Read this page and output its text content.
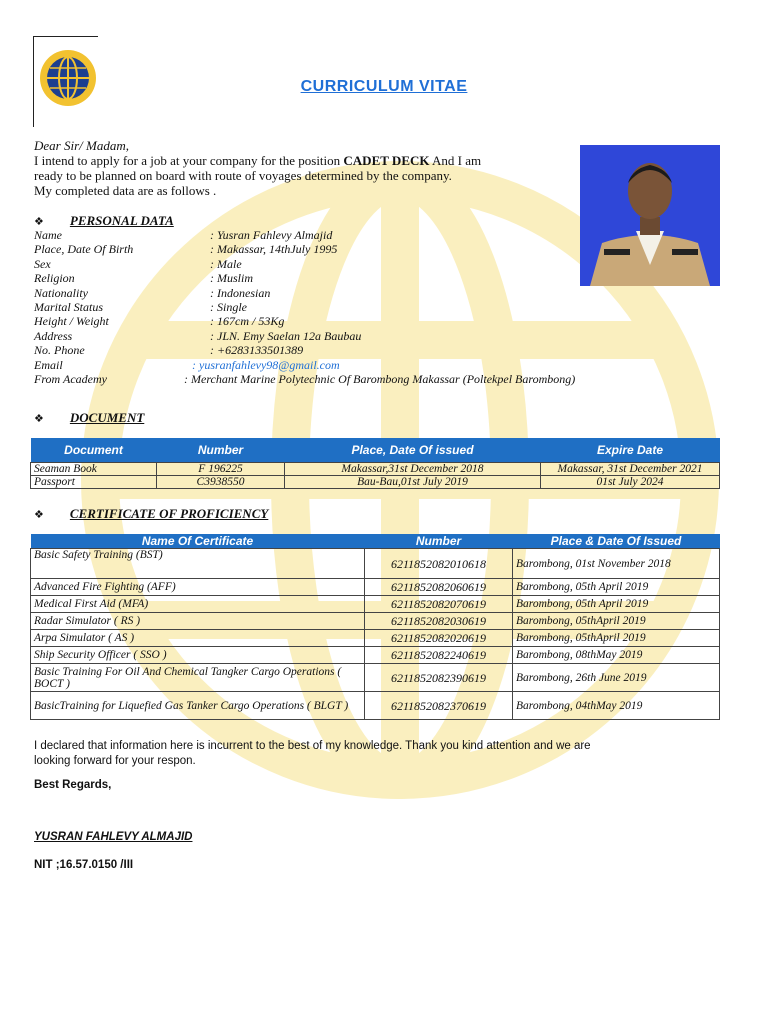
CURRICULUM VITAE
Dear Sir/ Madam,
I intend to apply for a job at your company for the position CADET DECK And I am
ready to be planned on board with route of voyages determined by the company.
My completed data are as follows .
❖ PERSONAL DATA
Name	: Yusran Fahlevy Almajid
Place, Date Of Birth	: Makassar, 14thJuly 1995
Sex	: Male
Religion	: Muslim
Nationality	: Indonesian
Marital Status	: Single
Height / Weight	: 167cm / 53Kg
Address	: JLN. Emy Saelan 12a Baubau
No. Phone	: +6283133501389
Email	: yusranfahlevy98@gmail.com
From Academy	: Merchant Marine Polytechnic Of Barombong Makassar (Poltekpel Barombong)
❖ DOCUMENT
Document	Number	Place, Date Of issued	Expire Date
Seaman Book	F 196225	Makassar,31st December 2018	Makassar, 31st December 2021
Passport	C3938550	Bau-Bau,01st July 2019	01st July 2024
❖ CERTIFICATE OF PROFICIENCY
Name Of Certificate	Number	Place & Date Of Issued
Basic Safety Training (BST)	6211852082010618	Barombong, 01st November 2018
Advanced Fire Fighting (AFF)	6211852082060619	Barombong, 05th April 2019
Medical First Aid (MFA)	6211852082070619	Barombong, 05th April 2019
Radar Simulator ( RS )	6211852082030619	Barombong, 05thApril 2019
Arpa Simulator ( AS )	6211852082020619	Barombong, 05thApril 2019
Ship Security Officer ( SSO )	6211852082240619	Barombong, 08thMay 2019
Basic Training For Oil And Chemical Tangker Cargo Operations ( BOCT )	6211852082390619	Barombong, 26th June 2019
BasicTraining for Liquefied Gas Tanker Cargo Operations ( BLGT )	6211852082370619	Barombong, 04thMay 2019
I declared that information here is incurrent to the best of my knowledge. Thank you kind attention and we are
looking forward for your respon.
Best Regards,
YUSRAN FAHLEVY ALMAJID
NIT ;16.57.0150 /III
